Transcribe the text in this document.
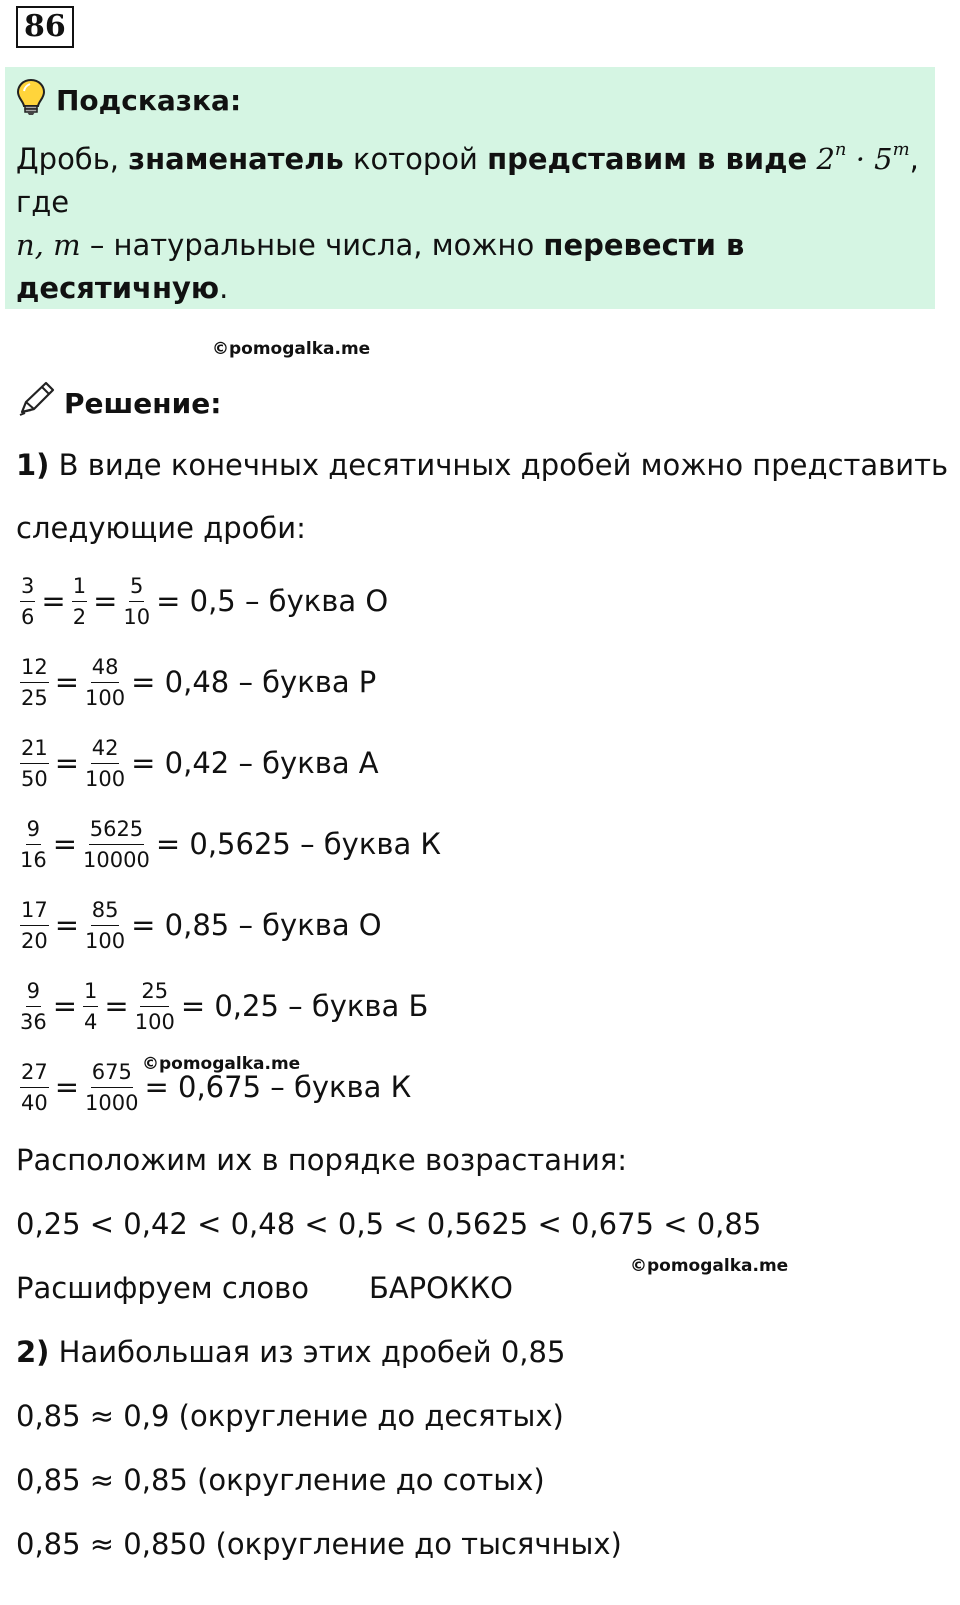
86
Подсказка:
Дробь, знаменатель которой представим в виде $2^n \cdot 5^m$,
где
n, m – натуральные числа, можно перевести в десятичную.
©pomogalka.me
Решение:
1) В виде конечных десятичных дробей можно представить
следующие дроби:
$\frac{3}{6} = \frac{1}{2} = \frac{5}{10} = 0,5$ – буква О
$\frac{12}{25} = \frac{48}{100} = 0,48$ – буква Р
$\frac{21}{50} = \frac{42}{100} = 0,42$ – буква А
$\frac{9}{16} = \frac{5625}{10000} = 0,5625$ – буква К
$\frac{17}{20} = \frac{85}{100} = 0,85$ – буква О
$\frac{9}{36} = \frac{1}{4} = \frac{25}{100} = 0,25$ – буква Б
$\frac{27}{40} = \frac{675}{1000} = 0,675$ – буква К
©pomogalka.me
Расположим их в порядке возрастания:
0,25 < 0,42 < 0,48 < 0,5 < 0,5625 < 0,675 < 0,85
©pomogalka.me
Расшифруем слово БАРОККО
2) Наибольшая из этих дробей 0,85
0,85 ≈ 0,9 (округление до десятых)
0,85 ≈ 0,85 (округление до сотых)
0,85 ≈ 0,850 (округление до тысячных)
